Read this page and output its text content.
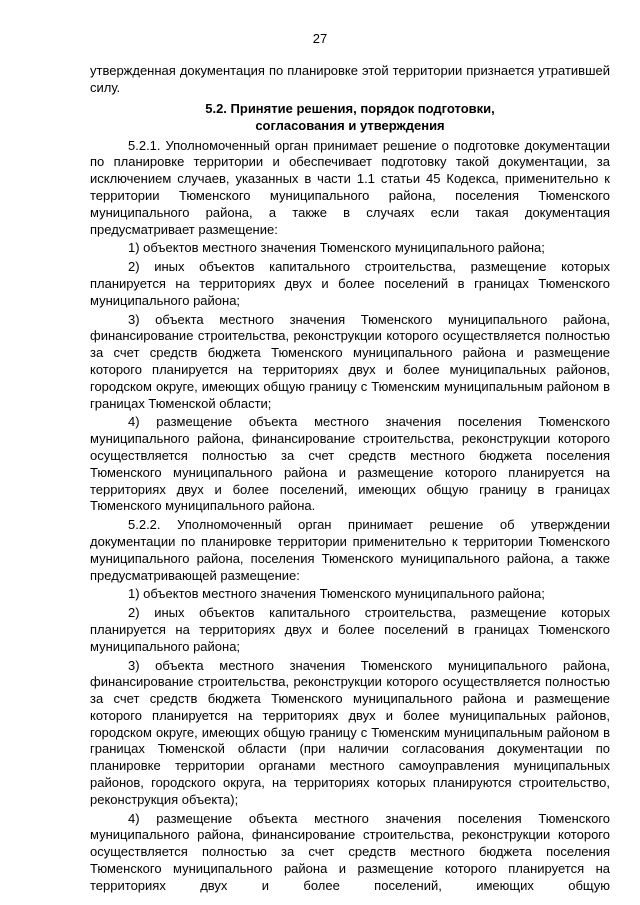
27

утвержденная документация по планировке этой территории признается утратившей силу.

5.2. Принятие решения, порядок подготовки,
согласования и утверждения

5.2.1. Уполномоченный орган принимает решение о подготовке документации по планировке территории и обеспечивает подготовку такой документации, за исключением случаев, указанных в части 1.1 статьи 45 Кодекса, применительно к территории Тюменского муниципального района, поселения Тюменского муниципального района, а также в случаях если такая документация предусматривает размещение:

1) объектов местного значения Тюменского муниципального района;

2) иных объектов капитального строительства, размещение которых планируется на территориях двух и более поселений в границах Тюменского муниципального района;

3) объекта местного значения Тюменского муниципального района, финансирование строительства, реконструкции которого осуществляется полностью за счет средств бюджета Тюменского муниципального района и размещение которого планируется на территориях двух и более муниципальных районов, городском округе, имеющих общую границу с Тюменским муниципальным районом в границах Тюменской области;

4) размещение объекта местного значения поселения Тюменского муниципального района, финансирование строительства, реконструкции которого осуществляется полностью за счет средств местного бюджета поселения Тюменского муниципального района и размещение которого планируется на территориях двух и более поселений, имеющих общую границу в границах Тюменского муниципального района.

5.2.2. Уполномоченный орган принимает решение об утверждении документации по планировке территории применительно к территории Тюменского муниципального района, поселения Тюменского муниципального района, а также предусматривающей размещение:

1) объектов местного значения Тюменского муниципального района;

2) иных объектов капитального строительства, размещение которых планируется на территориях двух и более поселений в границах Тюменского муниципального района;

3) объекта местного значения Тюменского муниципального района, финансирование строительства, реконструкции которого осуществляется полностью за счет средств бюджета Тюменского муниципального района и размещение которого планируется на территориях двух и более муниципальных районов, городском округе, имеющих общую границу с Тюменским муниципальным районом в границах Тюменской области (при наличии согласования документации по планировке территории органами местного самоуправления муниципальных районов, городского округа, на территориях которых планируются строительство, реконструкция объекта);

4) размещение объекта местного значения поселения Тюменского муниципального района, финансирование строительства, реконструкции которого осуществляется полностью за счет средств местного бюджета поселения Тюменского муниципального района и размещение которого планируется на территориях двух и более поселений, имеющих общую
